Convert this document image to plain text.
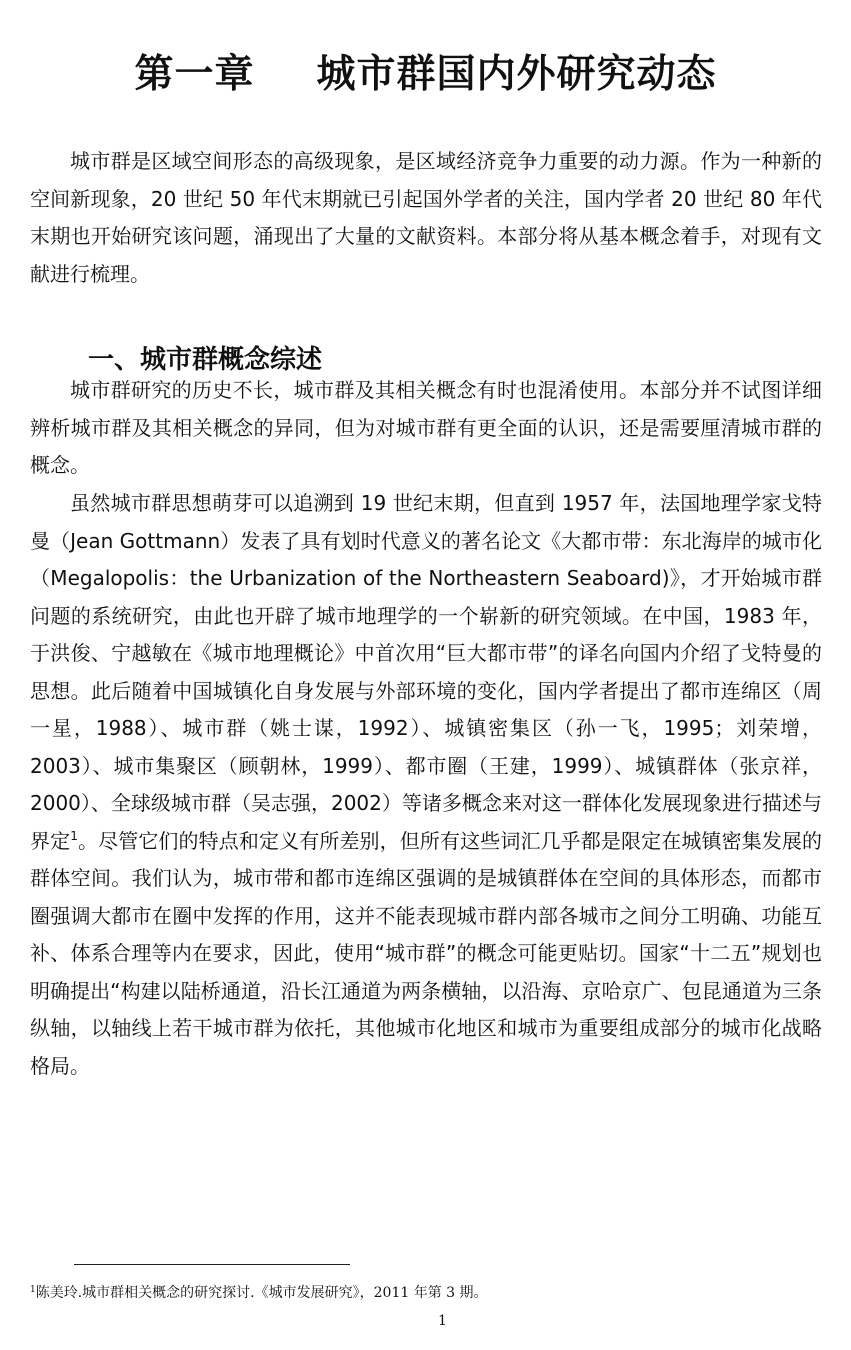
第一章 城市群国内外研究动态

城市群是区域空间形态的高级现象，是区域经济竞争力重要的动力源。作为一种新的空间新现象，20 世纪 50 年代末期就已引起国外学者的关注，国内学者 20 世纪 80 年代末期也开始研究该问题，涌现出了大量的文献资料。本部分将从基本概念着手，对现有文献进行梳理。

一、城市群概念综述

城市群研究的历史不长，城市群及其相关概念有时也混淆使用。本部分并不试图详细辨析城市群及其相关概念的异同，但为对城市群有更全面的认识，还是需要厘清城市群的概念。

虽然城市群思想萌芽可以追溯到 19 世纪末期，但直到 1957 年，法国地理学家戈特曼（Jean Gottmann）发表了具有划时代意义的著名论文《大都市带：东北海岸的城市化（Megalopolis：the Urbanization of the Northeastern Seaboard)》，才开始城市群问题的系统研究，由此也开辟了城市地理学的一个崭新的研究领域。在中国，1983 年，于洪俊、宁越敏在《城市地理概论》中首次用“巨大都市带”的译名向国内介绍了戈特曼的思想。此后随着中国城镇化自身发展与外部环境的变化，国内学者提出了都市连绵区（周一星，1988）、城市群（姚士谋，1992）、城镇密集区（孙一飞，1995；刘荣增，2003）、城市集聚区（顾朝林，1999）、都市圈（王建，1999）、城镇群体（张京祥，2000）、全球级城市群（吴志强，2002）等诸多概念来对这一群体化发展现象进行描述与界定$^1$。尽管它们的特点和定义有所差别，但所有这些词汇几乎都是限定在城镇密集发展的群体空间。我们认为，城市带和都市连绵区强调的是城镇群体在空间的具体形态，而都市圈强调大都市在圈中发挥的作用，这并不能表现城市群内部各城市之间分工明确、功能互补、体系合理等内在要求，因此，使用“城市群”的概念可能更贴切。国家“十二五”规划也明确提出“构建以陆桥通道，沿长江通道为两条横轴，以沿海、京哈京广、包昆通道为三条纵轴，以轴线上若干城市群为依托，其他城市化地区和城市为重要组成部分的城市化战略格局。

$^1$陈美玲.城市群相关概念的研究探讨.《城市发展研究》，2011 年第 3 期。
1
